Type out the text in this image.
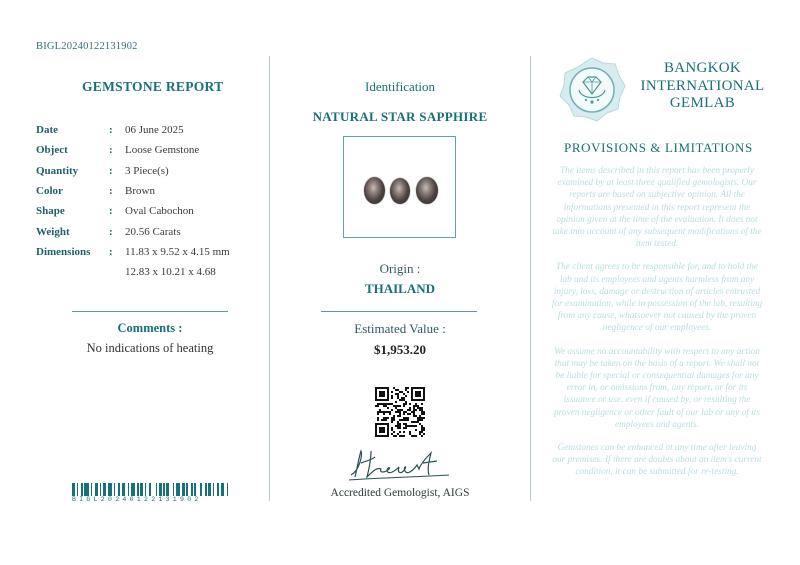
BIGL20240122131902
GEMSTONE REPORT
Date	:	06 June 2025
Object	:	Loose Gemstone
Quantity	:	3 Piece(s)
Color	:	Brown
Shape	:	Oval Cabochon
Weight	:	20.56 Carats
Dimensions	:	11.83 x 9.52 x 4.15 mm
12.83 x 10.21 x 4.68
Comments :
No indications of heating
BIGL20240122131902
Identification
NATURAL STAR SAPPHIRE
Origin :
THAILAND
Estimated Value :
$1,953.20
Accredited Gemologist, AIGS
BANGKOK
INTERNATIONAL
GEMLAB
PROVISIONS & LIMITATIONS

The items described in this report has been properly examined by at least three qualified gemologists. Our reports are based on subjective opinion. All the informations presented in this report represent the opinion given at the time of the evaluation. It does not take into account of any subsequent modifications of the item tested.

The client agrees to be responsible for, and to hold the lab and its employees and agents harmless from any injury, loss, damage or destruction of articles entrusted for examination, while in possession of the lab, resulting from any cause, whatsoever not caused by the proven negligence of our employees.

We assume no accountability with respect to any action that may be taken on the basis of a report. We shall not be liable for special or consequential damages for any error in, or omissions from, any report, or for its issuance or use, even if caused by, or resulting the proven negligence or other fault of our lab or any of its employees and agents.

Gemstones can be enhanced at any time after leaving our premises. If there are doubts about an item's current condition, it can be submitted for re-testing.
